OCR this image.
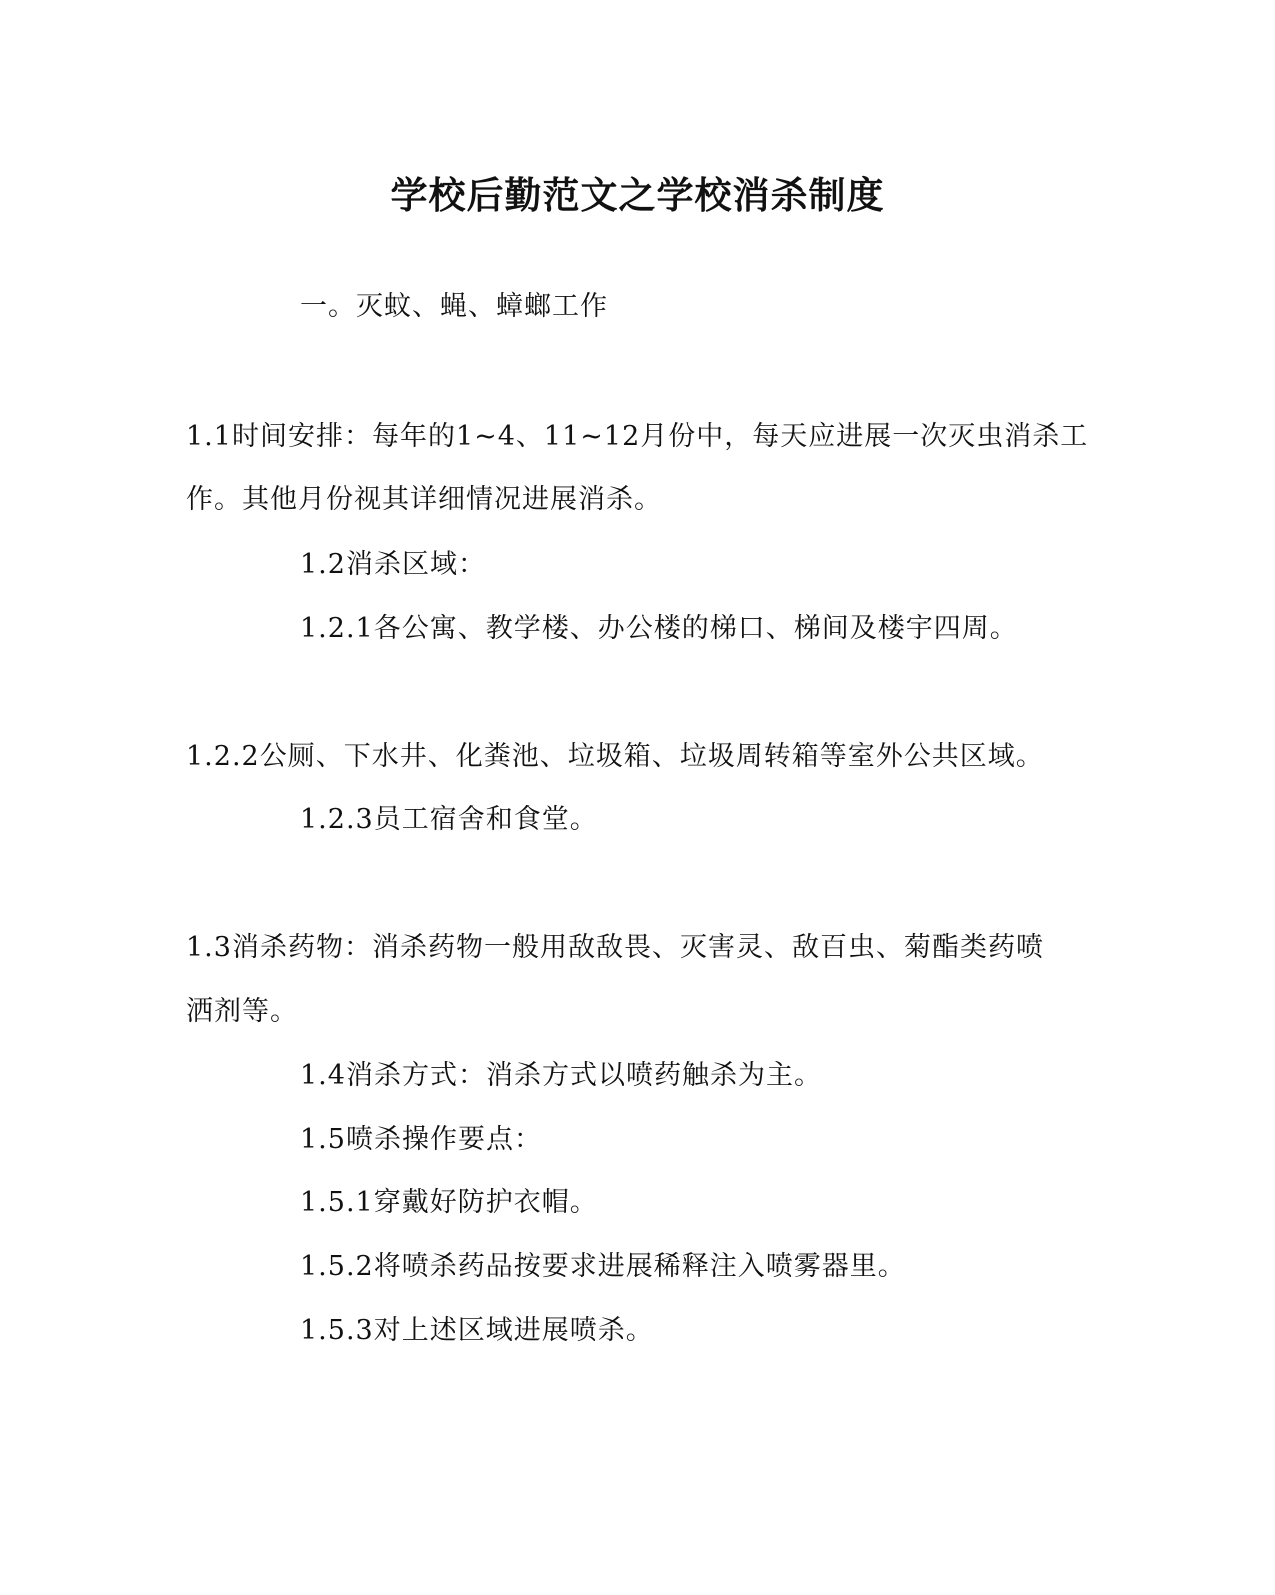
学校后勤范文之学校消杀制度
一。灭蚊、蝇、蟑螂工作
1.1时间安排：每年的1~4、11~12月份中，每天应进展一次灭虫消杀工
作。其他月份视其详细情况进展消杀。
1.2消杀区域：
1.2.1各公寓、教学楼、办公楼的梯口、梯间及楼宇四周。
1.2.2公厕、下水井、化粪池、垃圾箱、垃圾周转箱等室外公共区域。
1.2.3员工宿舍和食堂。
1.3消杀药物：消杀药物一般用敌敌畏、灭害灵、敌百虫、菊酯类药喷
洒剂等。
1.4消杀方式：消杀方式以喷药触杀为主。
1.5喷杀操作要点：
1.5.1穿戴好防护衣帽。
1.5.2将喷杀药品按要求进展稀释注入喷雾器里。
1.5.3对上述区域进展喷杀。
